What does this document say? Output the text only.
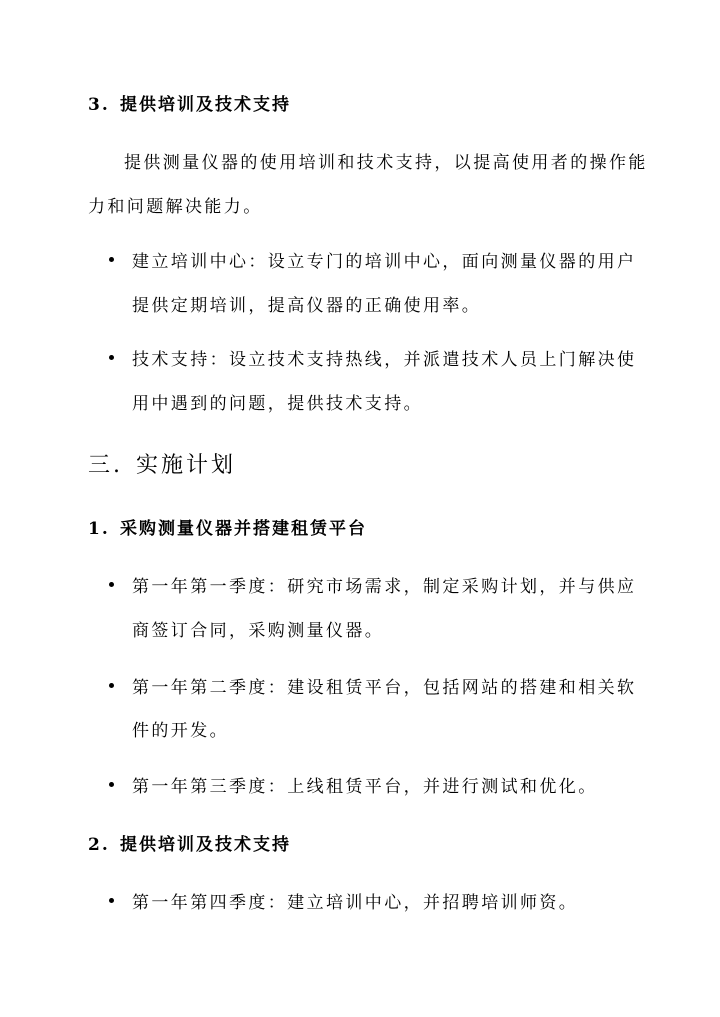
3. 提供培训及技术支持
提供测量仪器的使用培训和技术支持，以提高使用者的操作能
力和问题解决能力。
建立培训中心：设立专门的培训中心，面向测量仪器的用户
提供定期培训，提高仪器的正确使用率。
技术支持：设立技术支持热线，并派遣技术人员上门解决使
用中遇到的问题，提供技术支持。
三. 实施计划
1. 采购测量仪器并搭建租赁平台
第一年第一季度：研究市场需求，制定采购计划，并与供应
商签订合同，采购测量仪器。
第一年第二季度：建设租赁平台，包括网站的搭建和相关软
件的开发。
第一年第三季度：上线租赁平台，并进行测试和优化。
2. 提供培训及技术支持
第一年第四季度：建立培训中心，并招聘培训师资。
